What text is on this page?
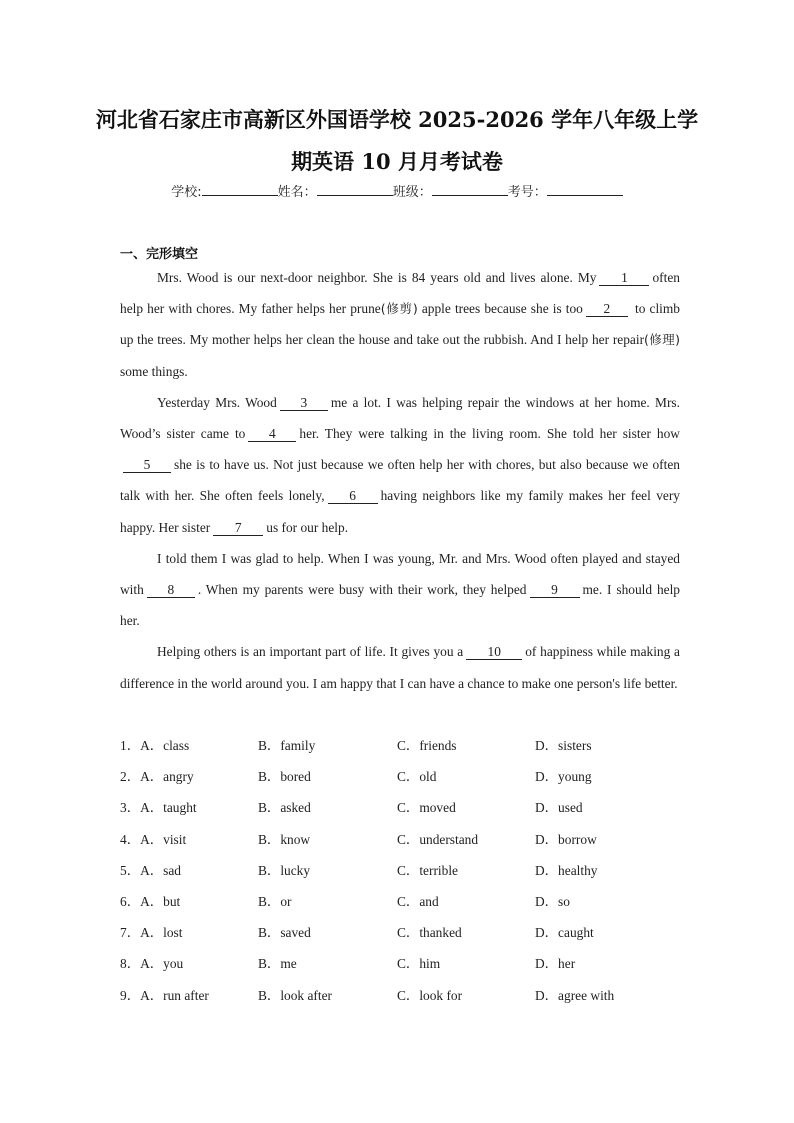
河北省石家庄市高新区外国语学校 2025-2026 学年八年级上学
期英语 10 月月考试卷
学校:	姓名：	班级：	考号：
一、完形填空

Mrs. Wood is our next-door neighbor. She is 84 years old and lives alone. My 1 often help her with chores. My father helps her prune(修剪) apple trees because she is too 2 to climb up the trees. My mother helps her clean the house and take out the rubbish. And I help her repair(修理) some things.

Yesterday Mrs. Wood 3 me a lot. I was helping repair the windows at her home. Mrs. Wood’s sister came to 4 her. They were talking in the living room. She told her sister how5 she is to have us. Not just because we often help her with chores, but also because we often talk with her. She often feels lonely, 6 having neighbors like my family makes her feel very happy. Her sister 7 us for our help.

I told them I was glad to help. When I was young, Mr. and Mrs. Wood often played and stayed with 8 . When my parents were busy with their work, they helped 9 me. I should help her.

Helping others is an important part of life. It gives you a 10 of happiness while making a difference in the world around you. I am happy that I can have a chance to make one person's life better.

1．A．class	B．family	C．friends	D．sisters
2．A．angry	B．bored	C．old	D．young
3．A．taught	B．asked	C．moved	D．used
4．A．visit	B．know	C．understand	D．borrow
5．A．sad	B．lucky	C．terrible	D．healthy
6．A．but	B．or	C．and	D．so
7．A．lost	B．saved	C．thanked	D．caught
8．A．you	B．me	C．him	D．her
9．A．run after	B．look after	C．look for	D．agree with
